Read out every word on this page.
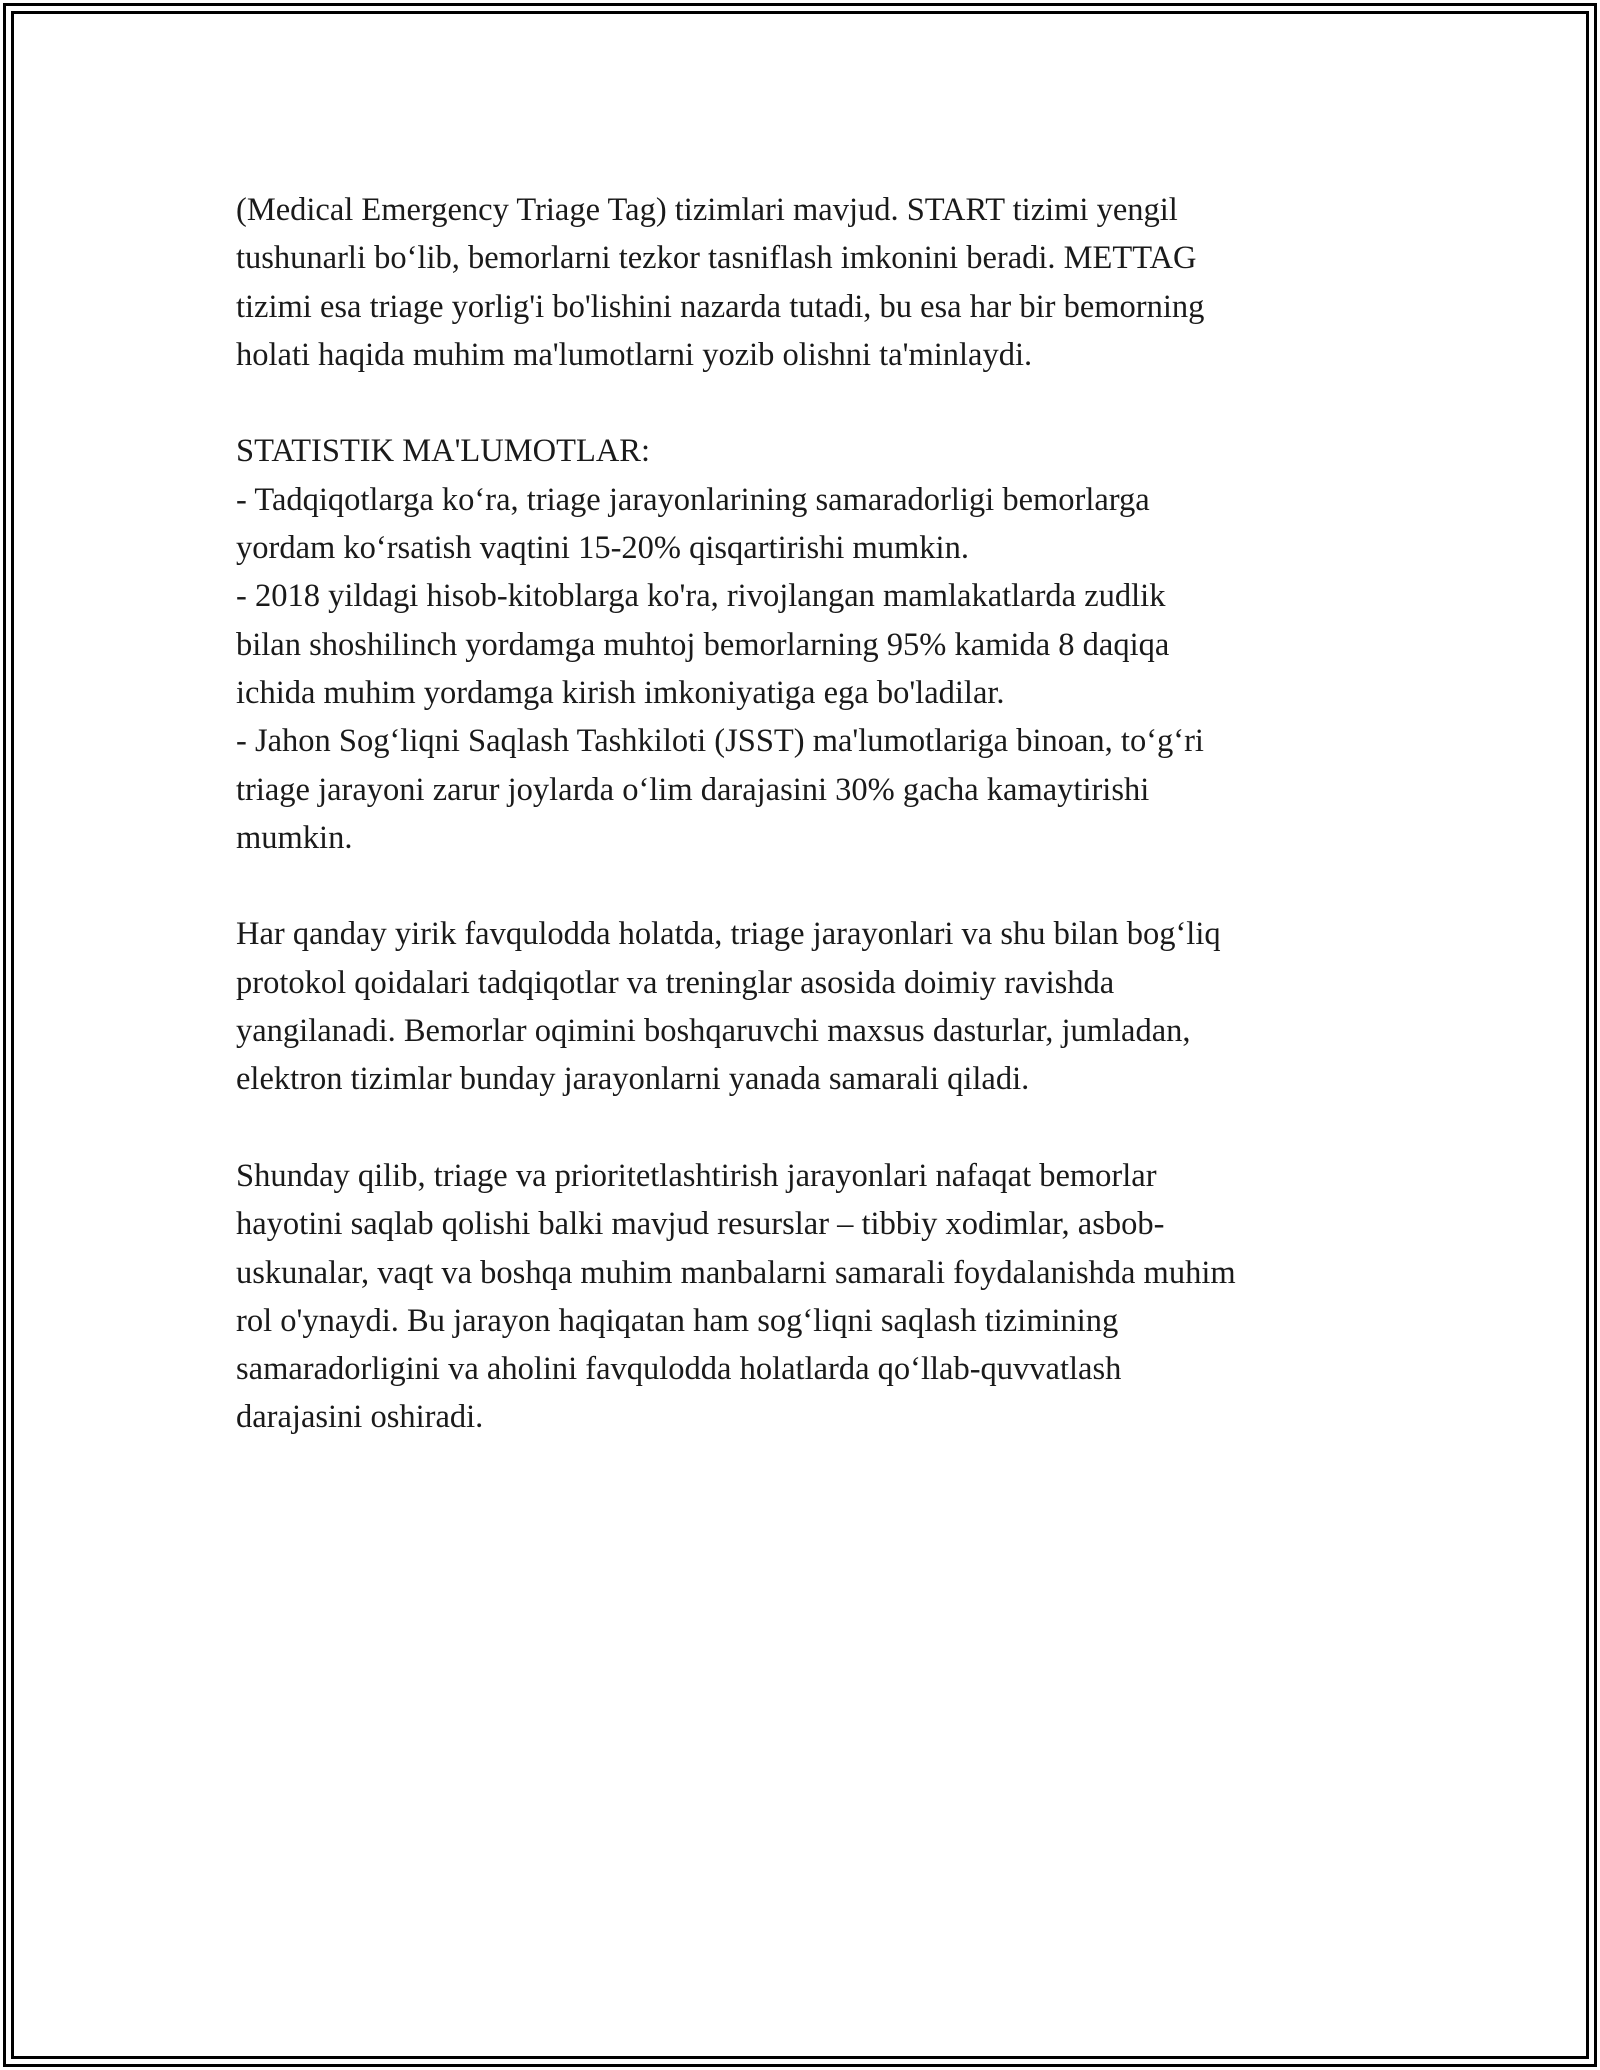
(Medical Emergency Triage Tag) tizimlari mavjud. START tizimi yengil
tushunarli bo‘lib, bemorlarni tezkor tasniflash imkonini beradi. METTAG
tizimi esa triage yorlig'i bo'lishini nazarda tutadi, bu esa har bir bemorning
holati haqida muhim ma'lumotlarni yozib olishni ta'minlaydi.

STATISTIK MA'LUMOTLAR:

- Tadqiqotlarga ko‘ra, triage jarayonlarining samaradorligi bemorlarga
yordam ko‘rsatish vaqtini 15-20% qisqartirishi mumkin.

- 2018 yildagi hisob-kitoblarga ko'ra, rivojlangan mamlakatlarda zudlik
bilan shoshilinch yordamga muhtoj bemorlarning 95% kamida 8 daqiqa
ichida muhim yordamga kirish imkoniyatiga ega bo'ladilar.

- Jahon Sog‘liqni Saqlash Tashkiloti (JSST) ma'lumotlariga binoan, to‘g‘ri
triage jarayoni zarur joylarda o‘lim darajasini 30% gacha kamaytirishi
mumkin.

Har qanday yirik favqulodda holatda, triage jarayonlari va shu bilan bog‘liq
protokol qoidalari tadqiqotlar va treninglar asosida doimiy ravishda
yangilanadi. Bemorlar oqimini boshqaruvchi maxsus dasturlar, jumladan,
elektron tizimlar bunday jarayonlarni yanada samarali qiladi.

Shunday qilib, triage va prioritetlashtirish jarayonlari nafaqat bemorlar
hayotini saqlab qolishi balki mavjud resurslar – tibbiy xodimlar, asbob-
uskunalar, vaqt va boshqa muhim manbalarni samarali foydalanishda muhim
rol o'ynaydi. Bu jarayon haqiqatan ham sog‘liqni saqlash tizimining
samaradorligini va aholini favqulodda holatlarda qo‘llab-quvvatlash
darajasini oshiradi.
